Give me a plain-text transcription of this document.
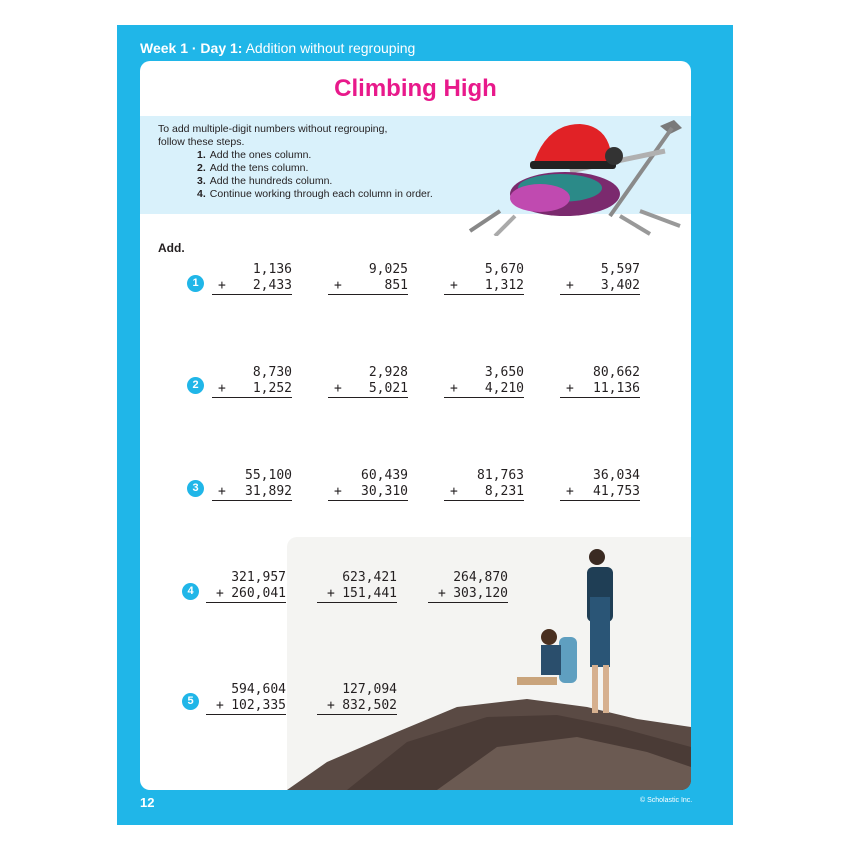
Week 1 · Day 1: Addition without regrouping
Climbing High
To add multiple-digit numbers without regrouping,
follow these steps.
1. Add the ones column.
2. Add the tens column.
3. Add the hundreds column.
4. Continue working through each column in order.
Add.
1
1,136
+ 2,433
9,025
+	851
5,670
+ 1,312
5,597
+ 3,402
2
8,730
+ 1,252
2,928
+ 5,021
3,650
+ 4,210
80,662
+ 11,136
3
55,100
+ 31,892
60,439
+ 30,310
81,763
+ 8,231
36,034
+ 41,753
4
321,957
+ 260,041
623,421
+ 151,441
264,870
+ 303,120
5
594,604
+ 102,335
127,094
+ 832,502
12	© Scholastic Inc.
